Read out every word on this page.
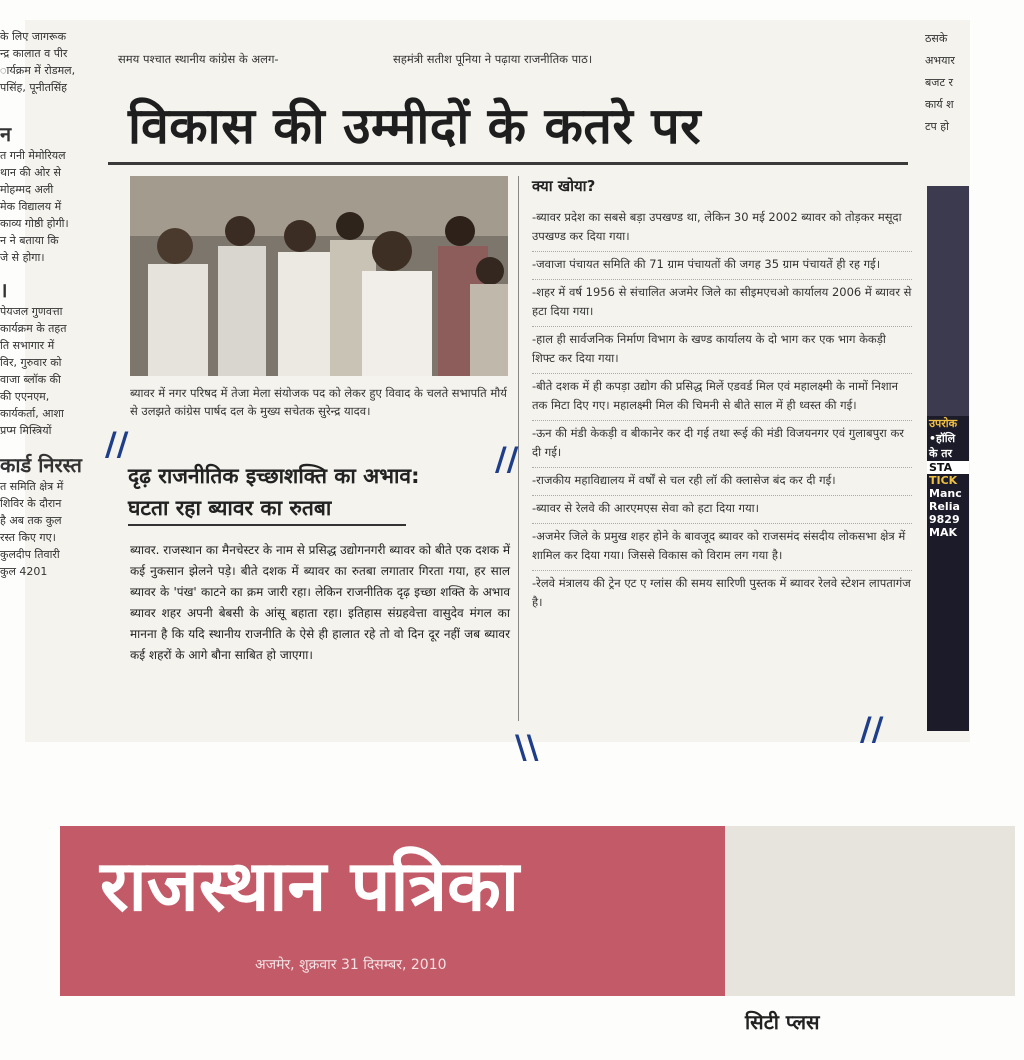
के लिए जागरूक

न्द्र कालात व पीर

ार्यक्रम में रोडमल,

पसिंह, पूनीतसिंह

न

त गनी मेमोरियल

थान की ओर से

मोहम्मद अली

मेक विद्यालय में

काव्य गोष्ठी होगी।

न ने बताया कि

जे से होगा।

।

पेयजल गुणवत्ता

कार्यक्रम के तहत

ति सभागार में

विर, गुरुवार को

वाजा ब्लॉक की

की एएनएम,

कार्यकर्ता, आशा

प्रप्म मिस्त्रियों

कार्ड निरस्त

त समिति क्षेत्र में

शिविर के दौरान

है अब तक कुल

रस्त किए गए।

कुलदीप तिवारी

कुल 4201

समय पश्चात स्थानीय कांग्रेस के अलग-	सहमंत्री सतीश पूनिया ने पढ़ाया राजनीतिक पाठ।
विकास की उम्मीदों के कतरे पर
ब्यावर में नगर परिषद में तेजा मेला संयोजक पद को लेकर हुए विवाद के चलते सभापति मौर्य से उलझते कांग्रेस पार्षद दल के मुख्य सचेतक सुरेन्द्र यादव।
दृढ़ राजनीतिक इच्छाशक्ति का अभाव:
घटता रहा ब्यावर का रुतबा
ब्यावर. राजस्थान का मैनचेस्टर के नाम से प्रसिद्ध उद्योगनगरी ब्यावर को बीते एक दशक में कई नुकसान झेलने पड़े। बीते दशक में ब्यावर का रुतबा लगातार गिरता गया, हर साल ब्यावर के 'पंख' काटने का क्रम जारी रहा। लेकिन राजनीतिक दृढ़ इच्छा शक्ति के अभाव ब्यावर शहर अपनी बेबसी के आंसू बहाता रहा। इतिहास संग्रहवेत्ता वासुदेव मंगल का मानना है कि यदि स्थानीय राजनीति के ऐसे ही हालात रहे तो वो दिन दूर नहीं जब ब्यावर कई शहरों के आगे बौना साबित हो जाएगा।
क्या खोया?
-ब्यावर प्रदेश का सबसे बड़ा उपखण्ड था, लेकिन 30 मई 2002 ब्यावर को तोड़कर मसूदा उपखण्ड कर दिया गया।
-जवाजा पंचायत समिति की 71 ग्राम पंचायतों की जगह 35 ग्राम पंचायतें ही रह गई।
-शहर में वर्ष 1956 से संचालित अजमेर जिले का सीइमएचओ कार्यालय 2006 में ब्यावर से हटा दिया गया।
-हाल ही सार्वजनिक निर्माण विभाग के खण्ड कार्यालय के दो भाग कर एक भाग केकड़ी शिफ्ट कर दिया गया।
-बीते दशक में ही कपड़ा उद्योग की प्रसिद्ध मिलें एडवर्ड मिल एवं महालक्ष्मी के नामों निशान तक मिटा दिए गए। महालक्ष्मी मिल की चिमनी से बीते साल में ही ध्वस्त की गई।
-ऊन की मंडी केकड़ी व बीकानेर कर दी गई तथा रूई की मंडी विजयनगर एवं गुलाबपुरा कर दी गई।
-राजकीय महाविद्यालय में वर्षों से चल रही लॉ की क्लासेज बंद कर दी गई।
-ब्यावर से रेलवे की आरएमएस सेवा को हटा दिया गया।
-अजमेर जिले के प्रमुख शहर होने के बावजूद ब्यावर को राजसमंद संसदीय लोकसभा क्षेत्र में शामिल कर दिया गया। जिससे विकास को विराम लग गया है।
-रेलवे मंत्रालय की ट्रेन एट ए ग्लांस की समय सारिणी पुस्तक में ब्यावर रेलवे स्टेशन लापतागंज है।
ठसके
अभयार
बजट र
कार्य श
टप हो
उपरोक
•हॉलि
के तर
STA
TICK
Manc
Relia
9829
MAK
//
//
\\	//
राजस्थान पत्रिका
अजमेर, शुक्रवार 31 दिसम्बर, 2010
सिटी प्लस
